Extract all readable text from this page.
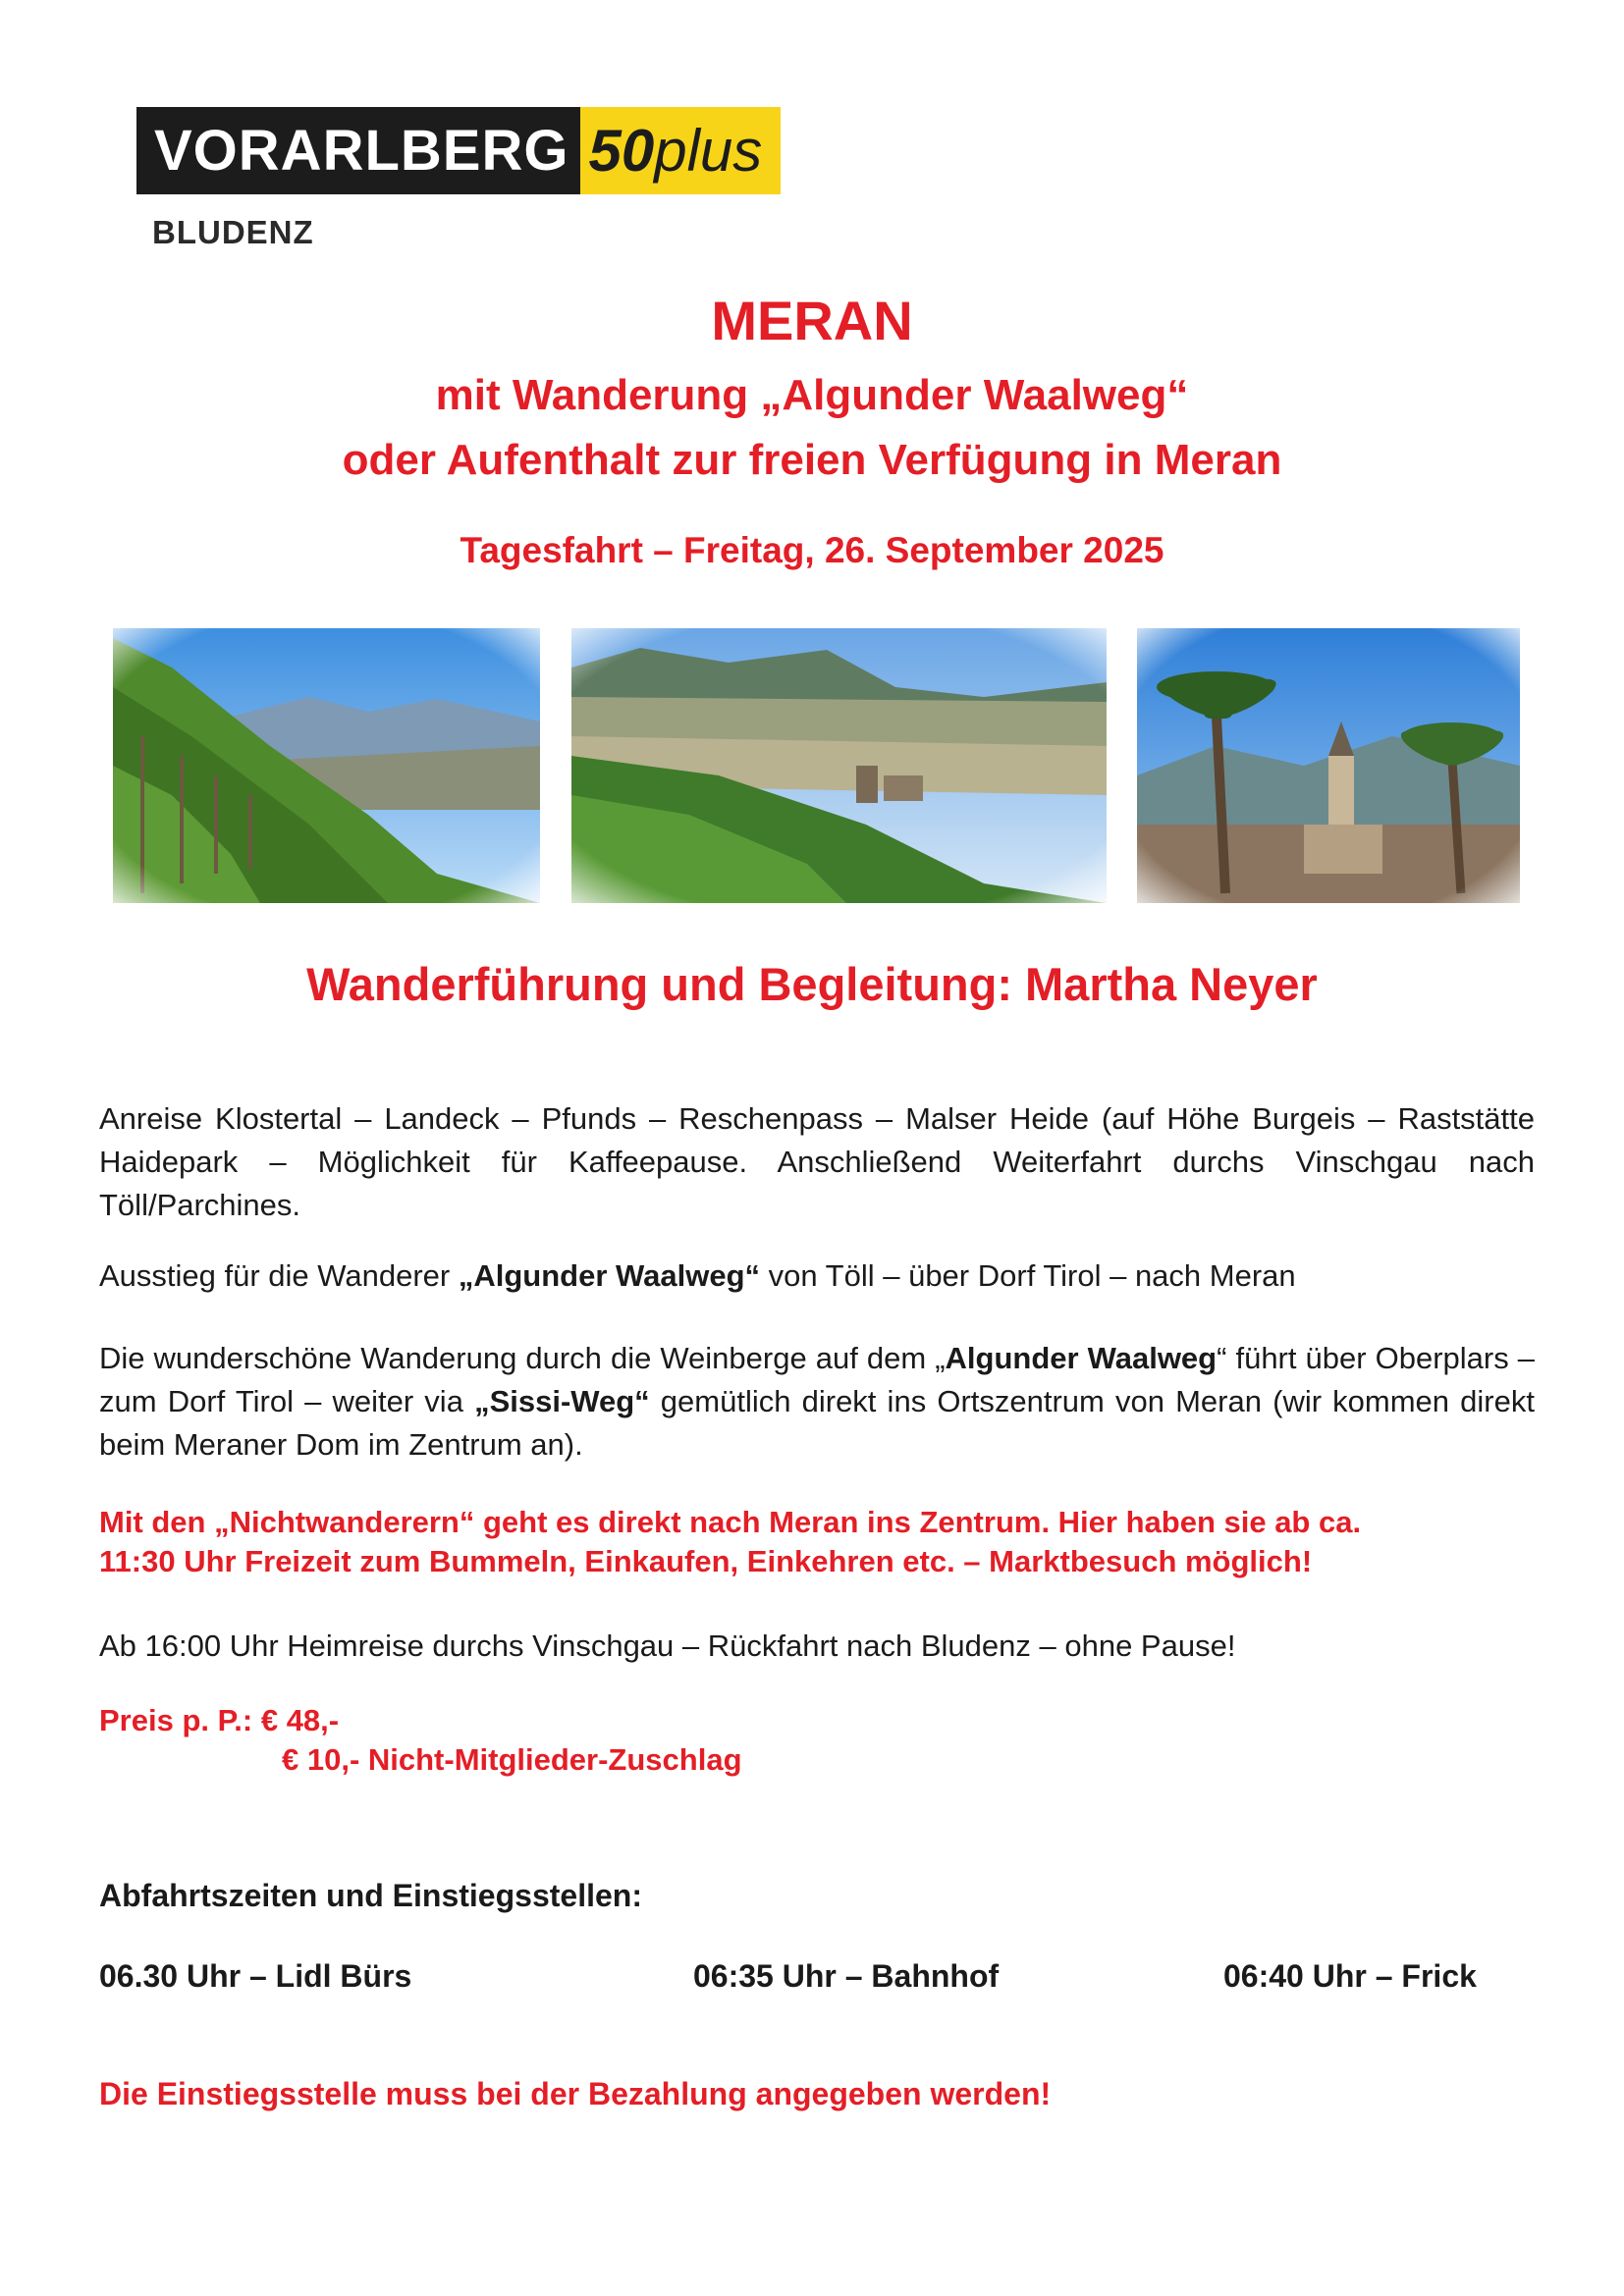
VORARLBERG 50plus
BLUDENZ
MERAN
mit Wanderung „Algunder Waalweg“
oder Aufenthalt zur freien Verfügung in Meran
Tagesfahrt – Freitag, 26. September 2025
Wanderführung und Begleitung: Martha Neyer
Anreise Klostertal – Landeck – Pfunds – Reschenpass – Malser Heide (auf Höhe Burgeis – Raststätte Haidepark – Möglichkeit für Kaffeepause. Anschließend Weiterfahrt durchs Vinschgau nach Töll/Parchines.
Ausstieg für die Wanderer „Algunder Waalweg“ von Töll – über Dorf Tirol – nach Meran
Die wunderschöne Wanderung durch die Weinberge auf dem „Algunder Waalweg“ führt über Oberplars – zum Dorf Tirol – weiter via „Sissi-Weg“ gemütlich direkt ins Ortszentrum von Meran (wir kommen direkt beim Meraner Dom im Zentrum an).
Mit den „Nichtwanderern“ geht es direkt nach Meran ins Zentrum. Hier haben sie ab ca.
11:30 Uhr Freizeit zum Bummeln, Einkaufen, Einkehren etc. – Marktbesuch möglich!
Ab 16:00 Uhr Heimreise durchs Vinschgau – Rückfahrt nach Bludenz – ohne Pause!
Preis p. P.: € 48,-
€ 10,- Nicht-Mitglieder-Zuschlag
Abfahrtszeiten und Einstiegsstellen:
06.30 Uhr – Lidl Bürs	06:35 Uhr – Bahnhof	06:40 Uhr – Frick
Die Einstiegsstelle muss bei der Bezahlung angegeben werden!
